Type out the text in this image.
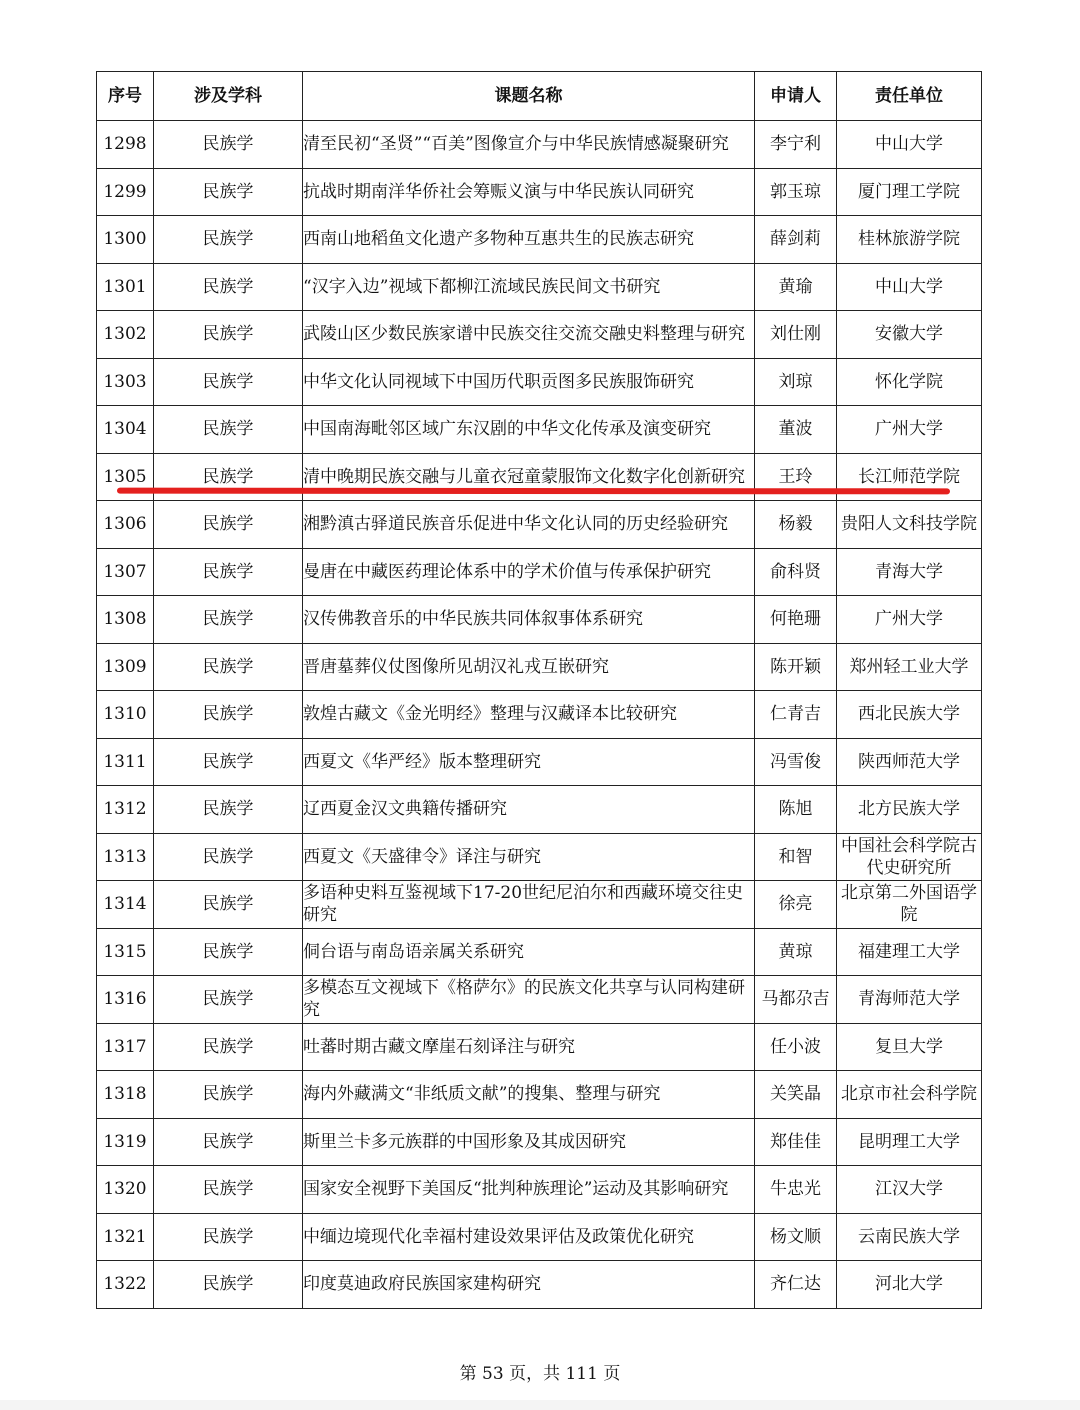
序号	涉及学科	课题名称	申请人	责任单位
1298	民族学	清至民初“圣贤”“百美”图像宣介与中华民族情感凝聚研究	李宁利	中山大学
1299	民族学	抗战时期南洋华侨社会筹赈义演与中华民族认同研究	郭玉琼	厦门理工学院
1300	民族学	西南山地稻鱼文化遗产多物种互惠共生的民族志研究	薛剑莉	桂林旅游学院
1301	民族学	“汉字入边”视域下都柳江流域民族民间文书研究	黄瑜	中山大学
1302	民族学	武陵山区少数民族家谱中民族交往交流交融史料整理与研究	刘仕刚	安徽大学
1303	民族学	中华文化认同视域下中国历代职贡图多民族服饰研究	刘琼	怀化学院
1304	民族学	中国南海毗邻区域广东汉剧的中华文化传承及演变研究	董波	广州大学
1305	民族学	清中晚期民族交融与儿童衣冠童蒙服饰文化数字化创新研究	王玲	长江师范学院
1306	民族学	湘黔滇古驿道民族音乐促进中华文化认同的历史经验研究	杨毅	贵阳人文科技学院
1307	民族学	曼唐在中藏医药理论体系中的学术价值与传承保护研究	俞科贤	青海大学
1308	民族学	汉传佛教音乐的中华民族共同体叙事体系研究	何艳珊	广州大学
1309	民族学	晋唐墓葬仪仗图像所见胡汉礼戎互嵌研究	陈开颖	郑州轻工业大学
1310	民族学	敦煌古藏文《金光明经》整理与汉藏译本比较研究	仁青吉	西北民族大学
1311	民族学	西夏文《华严经》版本整理研究	冯雪俊	陕西师范大学
1312	民族学	辽西夏金汉文典籍传播研究	陈旭	北方民族大学
1313	民族学	西夏文《天盛律令》译注与研究	和智	中国社会科学院古代史研究所
1314	民族学	多语种史料互鉴视域下17-20世纪尼泊尔和西藏环境交往史研究	徐亮	北京第二外国语学院
1315	民族学	侗台语与南岛语亲属关系研究	黄琼	福建理工大学
1316	民族学	多模态互文视域下《格萨尔》的民族文化共享与认同构建研究	马都尕吉	青海师范大学
1317	民族学	吐蕃时期古藏文摩崖石刻译注与研究	任小波	复旦大学
1318	民族学	海内外藏满文“非纸质文献”的搜集、整理与研究	关笑晶	北京市社会科学院
1319	民族学	斯里兰卡多元族群的中国形象及其成因研究	郑佳佳	昆明理工大学
1320	民族学	国家安全视野下美国反“批判种族理论”运动及其影响研究	牛忠光	江汉大学
1321	民族学	中缅边境现代化幸福村建设效果评估及政策优化研究	杨文顺	云南民族大学
1322	民族学	印度莫迪政府民族国家建构研究	齐仁达	河北大学
第 53 页，共 111 页
